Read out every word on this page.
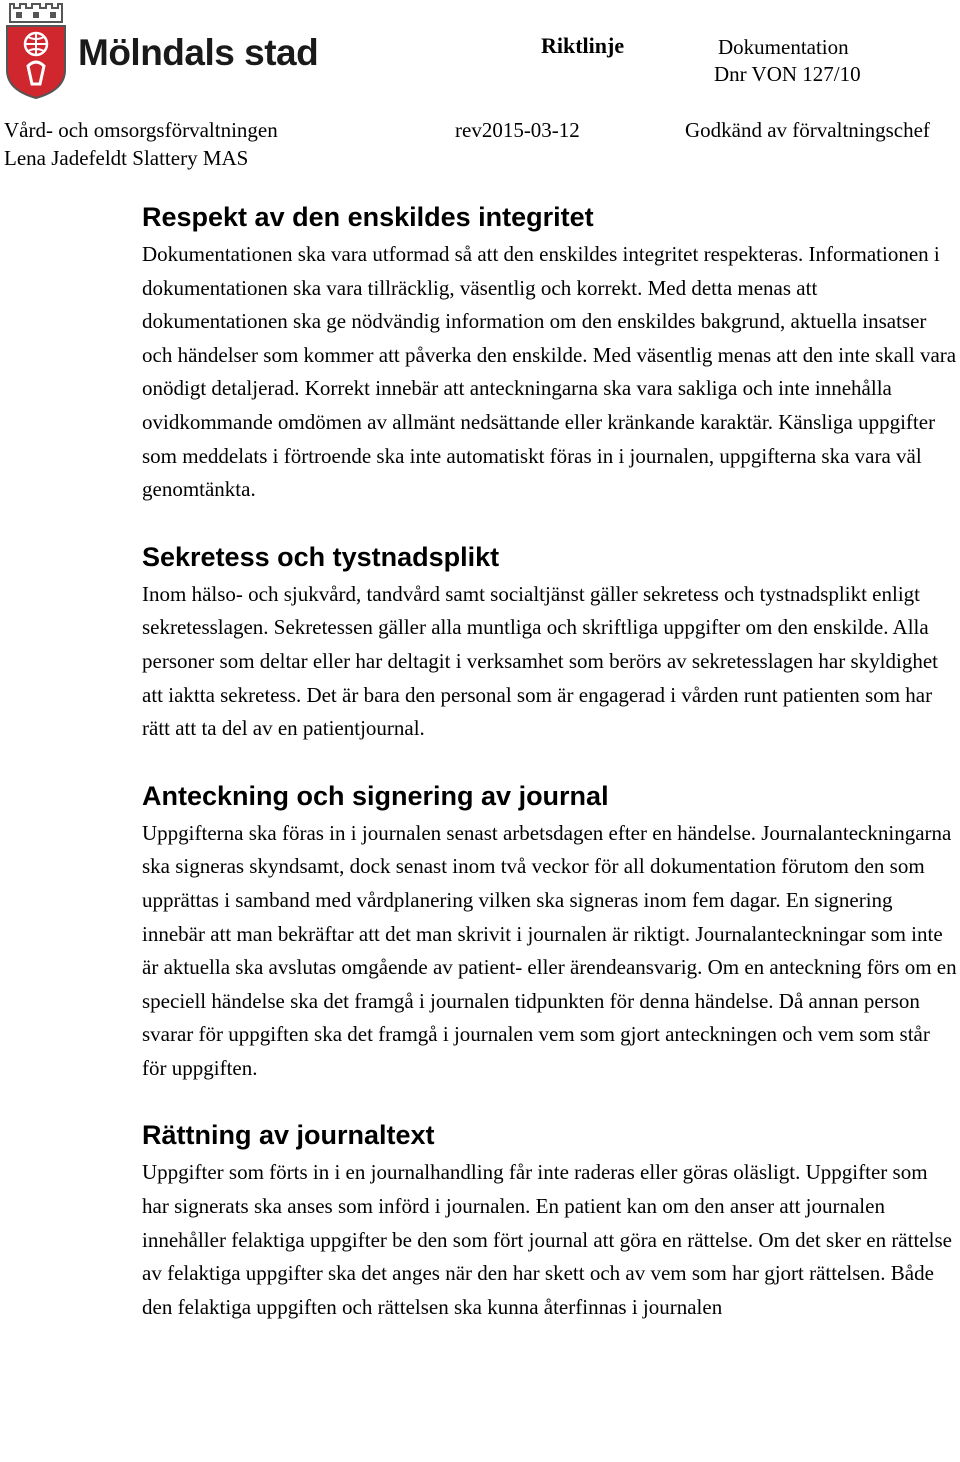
Mölndals stad	Riktlinje	Dokumentation
Dnr VON 127/10
Vård- och omsorgsförvaltningen	rev2015-03-12	Godkänd av förvaltningschef
Lena Jadefeldt Slattery MAS
Respekt av den enskildes integritet

Dokumentationen ska vara utformad så att den enskildes integritet respekteras. Informationen i dokumentationen ska vara tillräcklig, väsentlig och korrekt. Med detta menas att dokumentationen ska ge nödvändig information om den enskildes bakgrund, aktuella insatser och händelser som kommer att påverka den enskilde. Med väsentlig menas att den inte skall vara onödigt detaljerad. Korrekt innebär att anteckningarna ska vara sakliga och inte innehålla ovidkommande omdömen av allmänt nedsättande eller kränkande karaktär. Känsliga uppgifter som meddelats i förtroende ska inte automatiskt föras in i journalen, uppgifterna ska vara väl genomtänkta.

Sekretess och tystnadsplikt

Inom hälso- och sjukvård, tandvård samt socialtjänst gäller sekretess och tystnadsplikt enligt sekretesslagen. Sekretessen gäller alla muntliga och skriftliga uppgifter om den enskilde. Alla personer som deltar eller har deltagit i verksamhet som berörs av sekretesslagen har skyldighet att iaktta sekretess. Det är bara den personal som är engagerad i vården runt patienten som har rätt att ta del av en patientjournal.

Anteckning och signering av journal

Uppgifterna ska föras in i journalen senast arbetsdagen efter en händelse. Journalanteckningarna ska signeras skyndsamt, dock senast inom två veckor för all dokumentation förutom den som upprättas i samband med vårdplanering vilken ska signeras inom fem dagar. En signering innebär att man bekräftar att det man skrivit i journalen är riktigt. Journalanteckningar som inte är aktuella ska avslutas omgående av patient- eller ärendeansvarig. Om en anteckning förs om en speciell händelse ska det framgå i journalen tidpunkten för denna händelse. Då annan person svarar för uppgiften ska det framgå i journalen vem som gjort anteckningen och vem som står för uppgiften.

Rättning av journaltext

Uppgifter som förts in i en journalhandling får inte raderas eller göras oläsligt. Uppgifter som har signerats ska anses som införd i journalen. En patient kan om den anser att journalen innehåller felaktiga uppgifter be den som fört journal att göra en rättelse. Om det sker en rättelse av felaktiga uppgifter ska det anges när den har skett och av vem som har gjort rättelsen. Både den felaktiga uppgiften och rättelsen ska kunna återfinnas i journalen
